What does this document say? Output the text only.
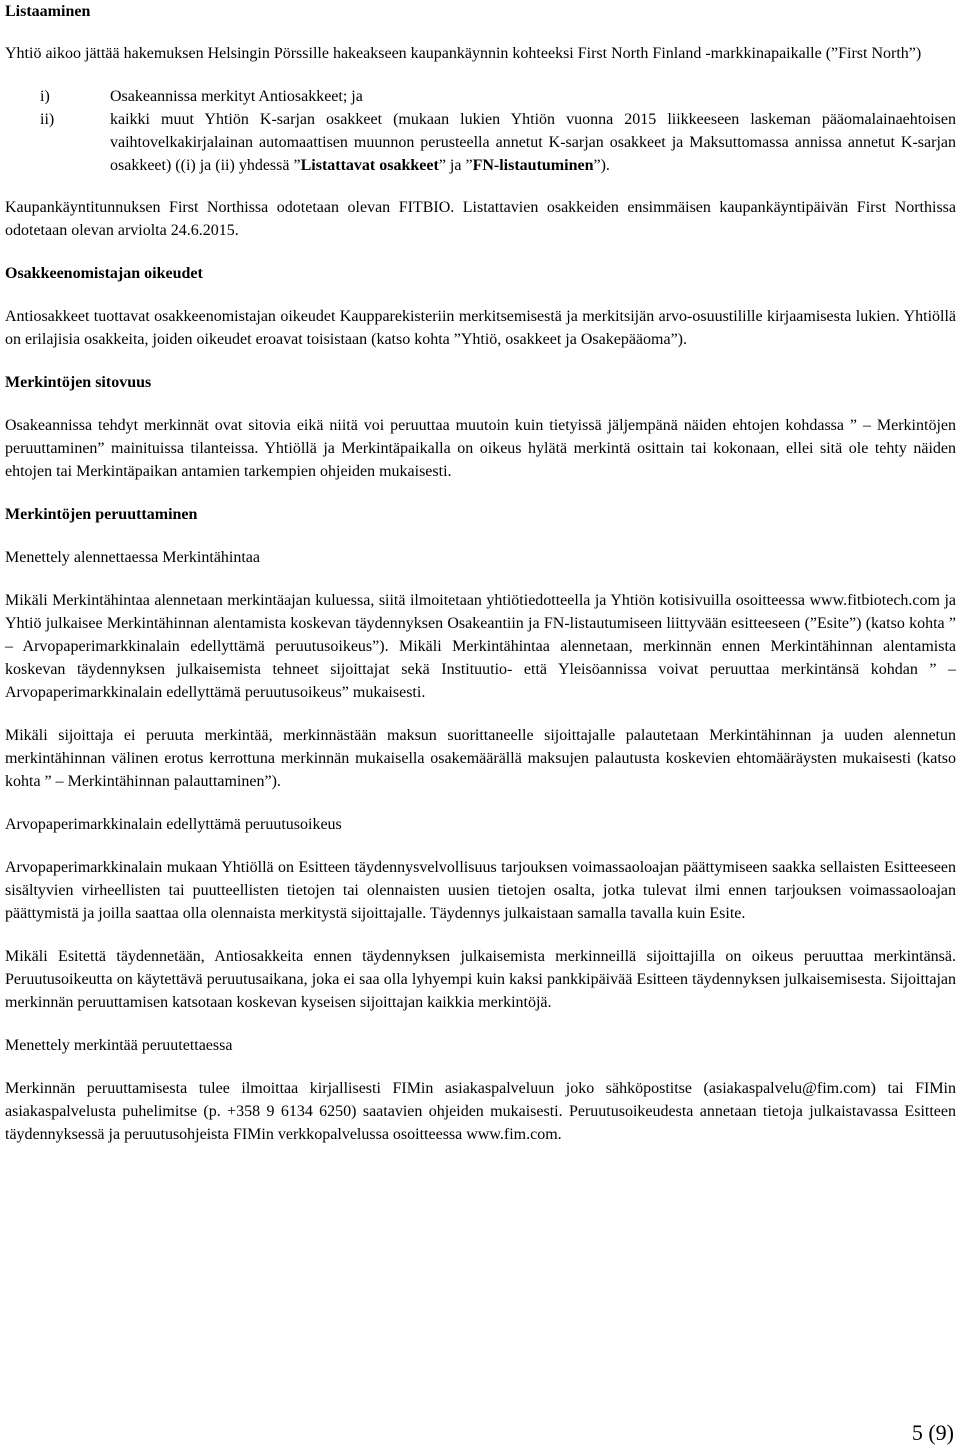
Listaaminen

Yhtiö aikoo jättää hakemuksen Helsingin Pörssille hakeakseen kaupankäynnin kohteeksi First North Finland -markkinapaikalle (”First North”)

i)	Osakeannissa merkityt Antiosakkeet; ja
ii)	kaikki muut Yhtiön K-sarjan osakkeet (mukaan lukien Yhtiön vuonna 2015 liikkeeseen laskeman pääomalainaehtoisen vaihtovelkakirjalainan automaattisen muunnon perusteella annetut K-sarjan osakkeet ja Maksuttomassa annissa annetut K-sarjan osakkeet) ((i) ja (ii) yhdessä ”Listattavat osakkeet” ja ”FN-listautuminen”).

Kaupankäyntitunnuksen First Northissa odotetaan olevan FITBIO. Listattavien osakkeiden ensimmäisen kaupankäyntipäivän First Northissa odotetaan olevan arviolta 24.6.2015.

Osakkeenomistajan oikeudet

Antiosakkeet tuottavat osakkeenomistajan oikeudet Kaupparekisteriin merkitsemisestä ja merkitsijän arvo-osuustilille kirjaamisesta lukien. Yhtiöllä on erilajisia osakkeita, joiden oikeudet eroavat toisistaan (katso kohta ”Yhtiö, osakkeet ja Osakepääoma”).

Merkintöjen sitovuus

Osakeannissa tehdyt merkinnät ovat sitovia eikä niitä voi peruuttaa muutoin kuin tietyissä jäljempänä näiden ehtojen kohdassa ” – Merkintöjen peruuttaminen” mainituissa tilanteissa. Yhtiöllä ja Merkintäpaikalla on oikeus hylätä merkintä osittain tai kokonaan, ellei sitä ole tehty näiden ehtojen tai Merkintäpaikan antamien tarkempien ohjeiden mukaisesti.

Merkintöjen peruuttaminen
Menettely alennettaessa Merkintähintaa

Mikäli Merkintähintaa alennetaan merkintäajan kuluessa, siitä ilmoitetaan yhtiötiedotteella ja Yhtiön kotisivuilla osoitteessa www.fitbiotech.com ja Yhtiö julkaisee Merkintähinnan alentamista koskevan täydennyksen Osakeantiin ja FN-listautumiseen liittyvään esitteeseen (”Esite”) (katso kohta ” – Arvopaperimarkkinalain edellyttämä peruutusoikeus”). Mikäli Merkintähintaa alennetaan, merkinnän ennen Merkintähinnan alentamista koskevan täydennyksen julkaisemista tehneet sijoittajat sekä Instituutio- että Yleisöannissa voivat peruuttaa merkintänsä kohdan ” – Arvopaperimarkkinalain edellyttämä peruutusoikeus” mukaisesti.

Mikäli sijoittaja ei peruuta merkintää, merkinnästään maksun suorittaneelle sijoittajalle palautetaan Merkintähinnan ja uuden alennetun merkintähinnan välinen erotus kerrottuna merkinnän mukaisella osakemäärällä maksujen palautusta koskevien ehtomääräysten mukaisesti (katso kohta ” – Merkintähinnan palauttaminen”).

Arvopaperimarkkinalain edellyttämä peruutusoikeus

Arvopaperimarkkinalain mukaan Yhtiöllä on Esitteen täydennysvelvollisuus tarjouksen voimassaoloajan päättymiseen saakka sellaisten Esitteeseen sisältyvien virheellisten tai puutteellisten tietojen tai olennaisten uusien tietojen osalta, jotka tulevat ilmi ennen tarjouksen voimassaoloajan päättymistä ja joilla saattaa olla olennaista merkitystä sijoittajalle. Täydennys julkaistaan samalla tavalla kuin Esite.

Mikäli Esitettä täydennetään, Antiosakkeita ennen täydennyksen julkaisemista merkinneillä sijoittajilla on oikeus peruuttaa merkintänsä. Peruutusoikeutta on käytettävä peruutusaikana, joka ei saa olla lyhyempi kuin kaksi pankkipäivää Esitteen täydennyksen julkaisemisesta. Sijoittajan merkinnän peruuttamisen katsotaan koskevan kyseisen sijoittajan kaikkia merkintöjä.

Menettely merkintää peruutettaessa

Merkinnän peruuttamisesta tulee ilmoittaa kirjallisesti FIMin asiakaspalveluun joko sähköpostitse (asiakaspalvelu@fim.com) tai FIMin asiakaspalvelusta puhelimitse (p. +358 9 6134 6250) saatavien ohjeiden mukaisesti. Peruutusoikeudesta annetaan tietoja julkaistavassa Esitteen täydennyksessä ja peruutusohjeista FIMin verkkopalvelussa osoitteessa www.fim.com.

5 (9)
